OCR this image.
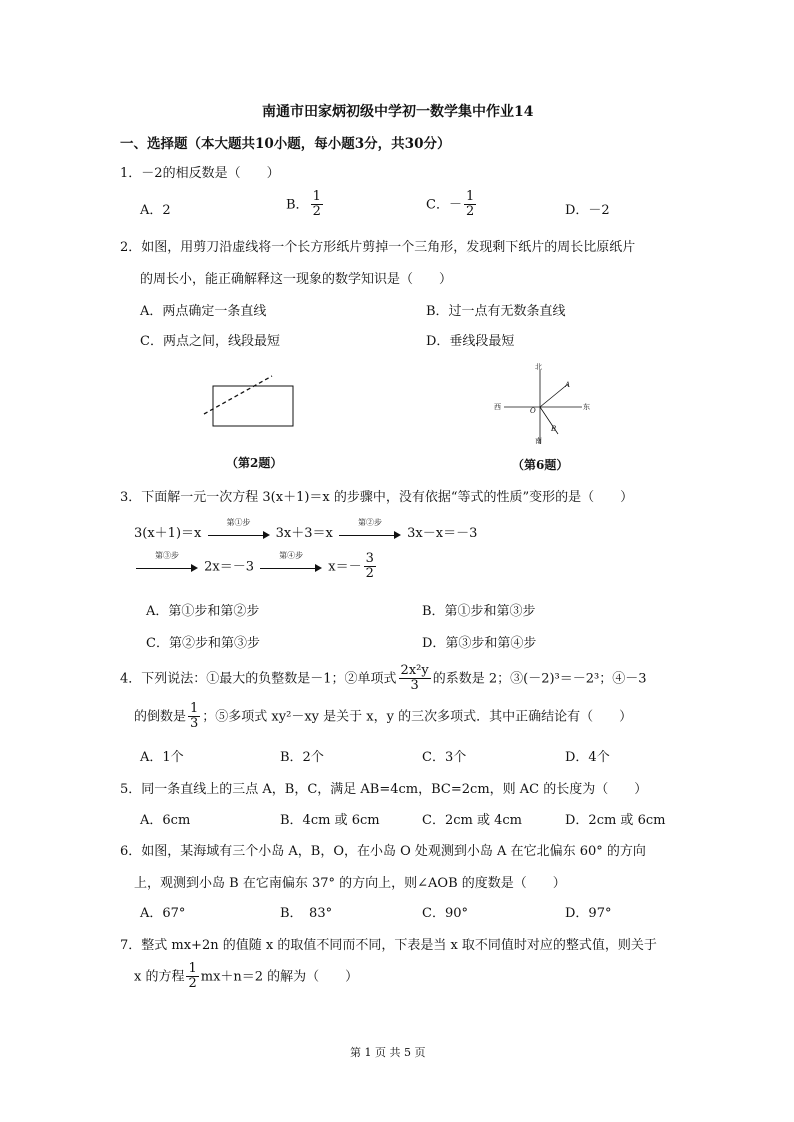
南通市田家炳初级中学初一数学集中作业14
一、选择题（本大题共10小题，每小题3分，共30分）
1．－2的相反数是（　　）
A．2	B． $\frac{1}{2}$	C．－ $\frac{1}{2}$	D．－2
2．如图，用剪刀沿虚线将一个长方形纸片剪掉一个三角形，发现剩下纸片的周长比原纸片
的周长小，能正确解释这一现象的数学知识是（　　）
A．两点确定一条直线	B．过一点有无数条直线
C．两点之间，线段最短	D．垂线段最短
（第2题）
北
南
西	东
O
A
B
（第6题）
3．下面解一元一次方程 3(x＋1)＝x 的步骤中，没有依据“等式的性质”变形的是（　　）
3(x＋1)＝x
第①步
3x＋3＝x
第②步
3x－x＝－3
第③步
2x＝－3
第④步
$x=- \frac{3}{2}$
A．第①步和第②步	B．第①步和第③步
C．第②步和第③步	D．第③步和第④步
4．下列说法：①最大的负整数是－1；②单项式 $\frac{\text{2x²y}}{3}$ 的系数是 2；③(－2)³＝－2³；④－3
的倒数是 $\frac{1}{3}$ ；⑤多项式 xy²－xy 是关于 x，y 的三次多项式．其中正确结论有（　　）
A．1个	B．2个	C．3个	D．4个
5．同一条直线上的三点 A，B，C，满足 AB=4cm，BC=2cm，则 AC 的长度为（　　）
A．6cm	B．4cm 或 6cm	C．2cm 或 4cm	D．2cm 或 6cm
6．如图，某海域有三个小岛 A，B，O，在小岛 O 处观测到小岛 A 在它北偏东 60° 的方向
上，观测到小岛 B 在它南偏东 37° 的方向上，则∠AOB 的度数是（　　）
A．67°	B．　83°	C．90°	D．97°
7．整式 mx+2n 的值随 x 的取值不同而不同，下表是当 x 取不同值时对应的整式值，则关于
x 的方程 $\frac{1}{2} mx+n=2$ 的解为（　　）
第 1 页 共 5 页
